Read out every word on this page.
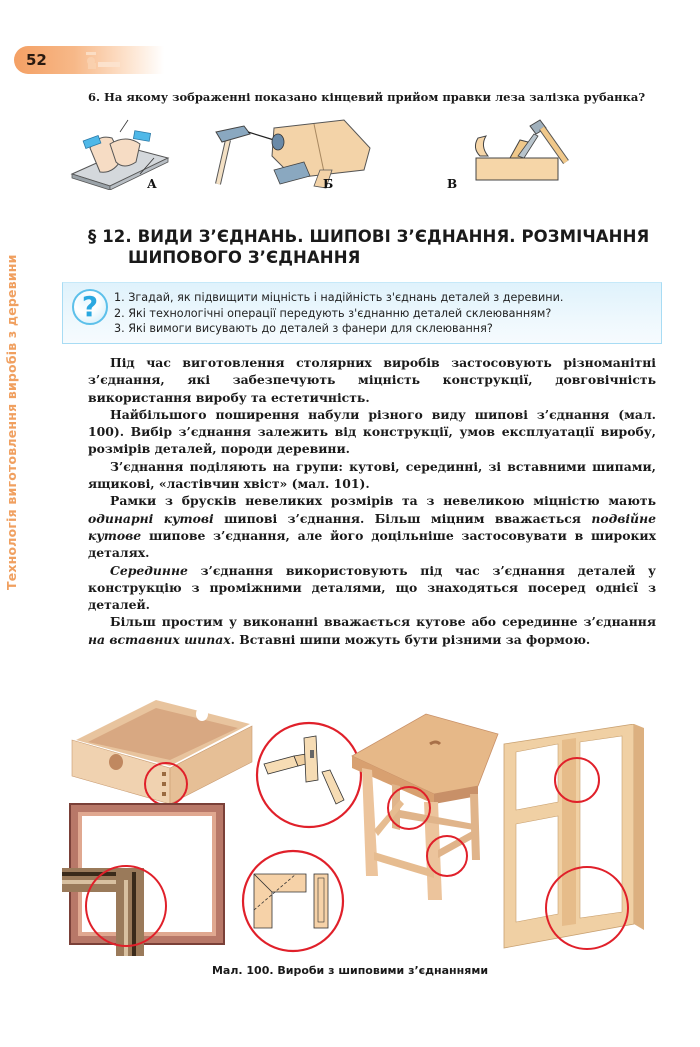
52
Технологія виготовлення виробів з деревини
6. На якому зображенні показано кінцевий прийом правки леза залізка рубанка?
А	Б	В
§ 12. ВИДИ З’ЄДНАНЬ. ШИПОВІ З’ЄДНАННЯ. РОЗМІЧАННЯ
ШИПОВОГО З’ЄДНАННЯ
?	1. Згадай, як підвищити міцність і надійність з'єднань деталей з деревини.
2. Які технологічні операції передують з'єднанню деталей склеюванням?
3. Які вимоги висувають до деталей з фанери для склеювання?

Під час виготовлення столярних виробів застосовують різноманітні з’єднання, які забезпечують міцність конструкції, довговічність використання виробу та естетичність.

Найбільшого поширення набули різного виду шипові з’єднання (мал. 100). Вибір з’єднання залежить від конструкції, умов експлуатації виробу, розмірів деталей, породи деревини.

З’єднання поділяють на групи: кутові, серединні, зі вставними шипами, ящикові, «ластівчин хвіст» (мал. 101).

Рамки з брусків невеликих розмірів та з невеликою міцністю мають одинарні кутові шипові з’єднання. Більш міцним вважається подвійне кутове шипове з’єднання, але його доцільніше застосовувати в широких деталях.

Серединне з’єднання використовують під час з’єднання деталей у конструкцію з проміжними деталями, що знаходяться посеред однієї з деталей.

Більш простим у виконанні вважається кутове або серединне з’єднання на вставних шипах. Вставні шипи можуть бути різними за формою.

Мал. 100. Вироби з шиповими з’єднаннями
